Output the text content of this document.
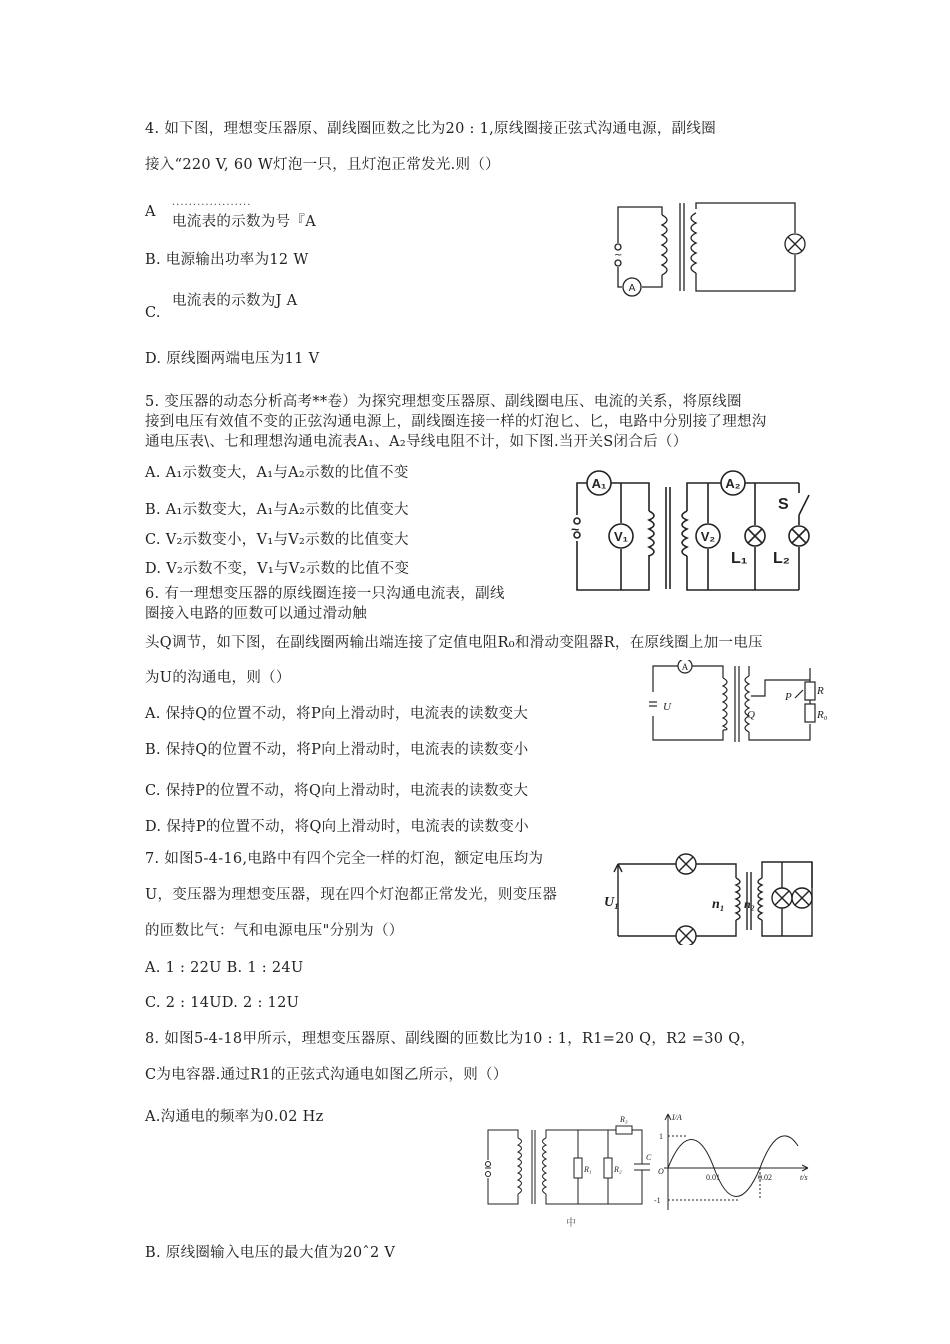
4. 如下图，理想变压器原、副线圈匝数之比为20 : 1,原线圈接正弦式沟通电源，副线圈
接入“220 V, 60 W灯泡一只，且灯泡正常发光.则（）
A
...................
电流表的示数为号『A
B. 电源输出功率为12 W
电流表的示数为J A
C.
D. 原线圈两端电压为11 V
A
~
5. 变压器的动态分析高考**卷）为探究理想变压器原、副线圈电压、电流的关系，将原线圈
接到电压有效值不变的正弦沟通电源上，副线圈连接一样的灯泡匕、匕，电路中分别接了理想沟
通电压表\、七和理想沟通电流表A₁、A₂导线电阻不计，如下图.当开关S闭合后（）
A. A₁示数变大，A₁与A₂示数的比值不变
B. A₁示数变大，A₁与A₂示数的比值变大
C. V₂示数变小，V₁与V₂示数的比值变大
D. V₂示数不变，V₁与V₂示数的比值不变
A₁
V₁	V₂
A₂
L₁ L₂
S
~
6. 有一理想变压器的原线圈连接一只沟通电流表，副线
圈接入电路的匝数可以通过滑动触
头Q调节，如下图，在副线圈两输出端连接了定值电阻R₀和滑动变阻器R，在原线圈上加一电压
为U的沟通电，则（）
A. 保持Q的位置不动，将P向上滑动时，电流表的读数变大
B. 保持Q的位置不动，将P向上滑动时，电流表的读数变小
C. 保持P的位置不动，将Q向上滑动时，电流表的读数变大
D. 保持P的位置不动，将Q向上滑动时，电流表的读数变小
A
U
Q
P R
R₀
7. 如图5-4-16,电路中有四个完全一样的灯泡，额定电压均为
U，变压器为理想变压器，现在四个灯泡都正常发光，则变压器
的匝数比气：气和电源电压"分别为（）
A. 1 : 22U B. 1 : 24U
C. 2 : 14UD. 2 : 12U
U₁	n₁ n₂
8. 如图5-4-18甲所示，理想变压器原、副线圈的匝数比为10 : 1，R1=20 Q，R2 =30 Q，
C为电容器.通过R1的正弦式沟通电如图乙所示，则（）
A.沟通电的频率为0.02 Hz
R₁	R₂
R₃
C
中
I/A
t/s
O
1
-1
0.01	0.02
B. 原线圈输入电压的最大值为20ˆ2 V
